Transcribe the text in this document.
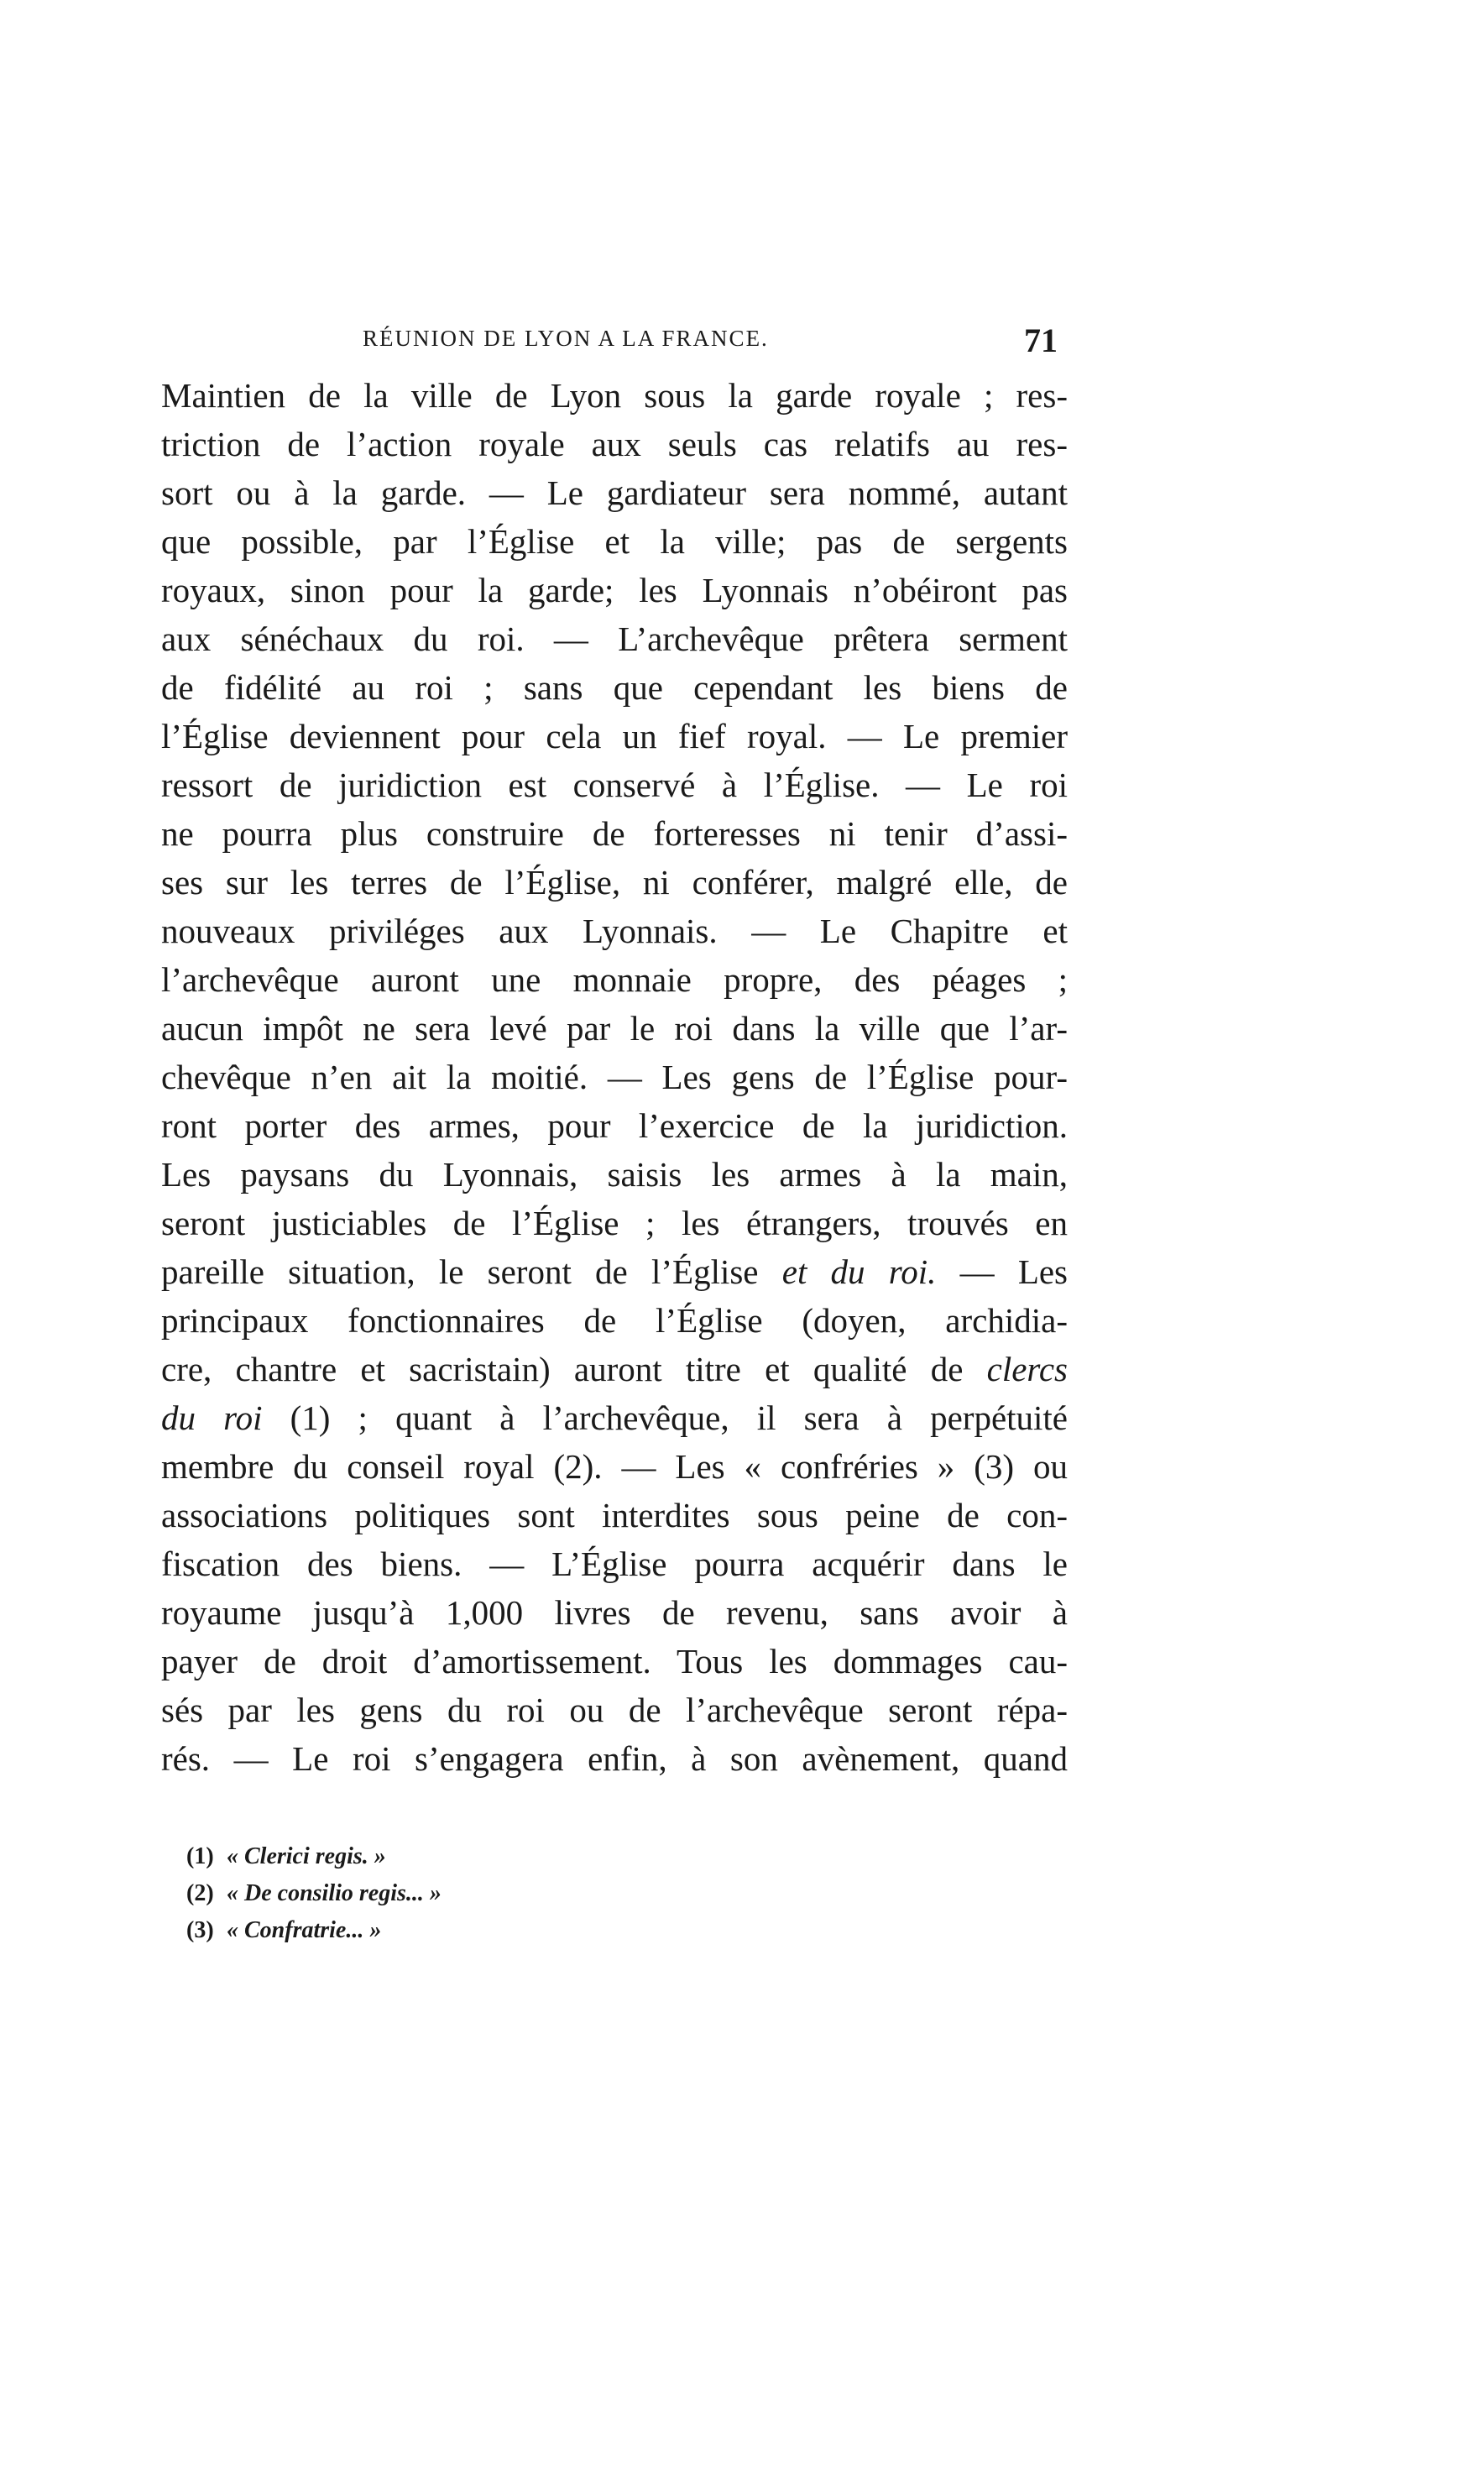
RÉUNION DE LYON A LA FRANCE.	71
Maintien de la ville de Lyon sous la garde royale ; res-
triction de l’action royale aux seuls cas relatifs au res-
sort ou à la garde. — Le gardiateur sera nommé, autant
que possible, par l’Église et la ville; pas de sergents
royaux, sinon pour la garde; les Lyonnais n’obéiront pas
aux sénéchaux du roi. — L’archevêque prêtera serment
de fidélité au roi ; sans que cependant les biens de
l’Église deviennent pour cela un fief royal. — Le premier
ressort de juridiction est conservé à l’Église. — Le roi
ne pourra plus construire de forteresses ni tenir d’assi-
ses sur les terres de l’Église, ni conférer, malgré elle, de
nouveaux priviléges aux Lyonnais. — Le Chapitre et
l’archevêque auront une monnaie propre, des péages ;
aucun impôt ne sera levé par le roi dans la ville que l’ar-
chevêque n’en ait la moitié. — Les gens de l’Église pour-
ront porter des armes, pour l’exercice de la juridiction.
Les paysans du Lyonnais, saisis les armes à la main,
seront justiciables de l’Église ; les étrangers, trouvés en
pareille situation, le seront de l’Église et du roi. — Les
principaux fonctionnaires de l’Église (doyen, archidia-
cre, chantre et sacristain) auront titre et qualité de clercs
du roi (1) ; quant à l’archevêque, il sera à perpétuité
membre du conseil royal (2). — Les « confréries » (3) ou
associations politiques sont interdites sous peine de con-
fiscation des biens. — L’Église pourra acquérir dans le
royaume jusqu’à 1,000 livres de revenu, sans avoir à
payer de droit d’amortissement. Tous les dommages cau-
sés par les gens du roi ou de l’archevêque seront répa-
rés. — Le roi s’engagera enfin, à son avènement, quand
(1) « Clerici regis. »
(2) « De consilio regis... »
(3) « Confratrie... »
